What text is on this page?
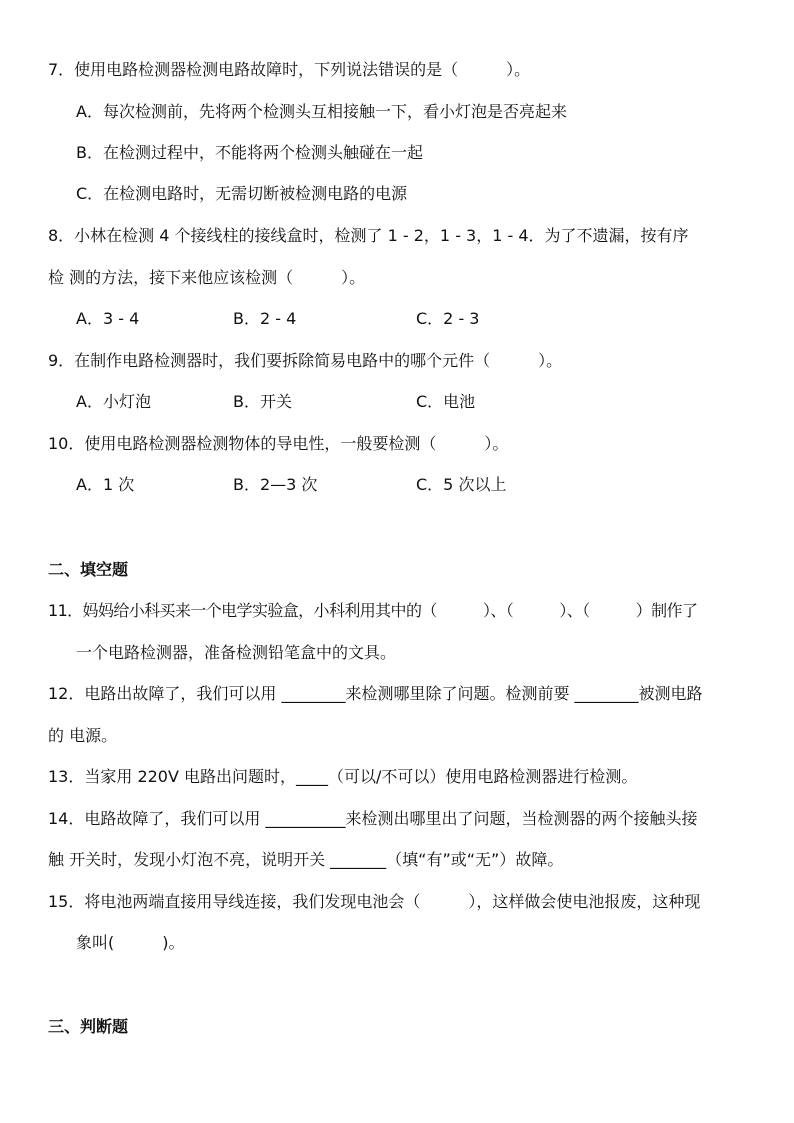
7．使用电路检测器检测电路故障时，下列说法错误的是（　　　）。
A．每次检测前，先将两个检测头互相接触一下，看小灯泡是否亮起来
B．在检测过程中，不能将两个检测头触碰在一起
C．在检测电路时，无需切断被检测电路的电源
8．小林在检测 4 个接线柱的接线盒时，检测了 1 - 2，1 - 3，1 - 4．为了不遗漏，按有序
检 测的方法，接下来他应该检测（　　　）。
A．3 - 4	B．2 - 4	C．2 - 3
9．在制作电路检测器时，我们要拆除简易电路中的哪个元件（　　　）。
A．小灯泡	B．开关	C．电池
10．使用电路检测器检测物体的导电性，一般要检测（　　　）。
A．1 次	B．2—3 次	C．5 次以上
二、填空题
11．妈妈给小科买来一个电学实验盒，小科利用其中的（　　　）、（　　　）、（　　　）制作了
一个电路检测器，准备检测铅笔盒中的文具。
12．电路出故障了，我们可以用 ________来检测哪里除了问题。检测前要 ________被测电路
的 电源。
13．当家用 220V 电路出问题时，____（可以/不可以）使用电路检测器进行检测。
14．电路故障了，我们可以用 __________来检测出哪里出了问题，当检测器的两个接触头接
触 开关时，发现小灯泡不亮，说明开关 _______（填“有”或“无”）故障。
15．将电池两端直接用导线连接，我们发现电池会（　　　），这样做会使电池报废，这种现
象叫(　　　)。
三、判断题
